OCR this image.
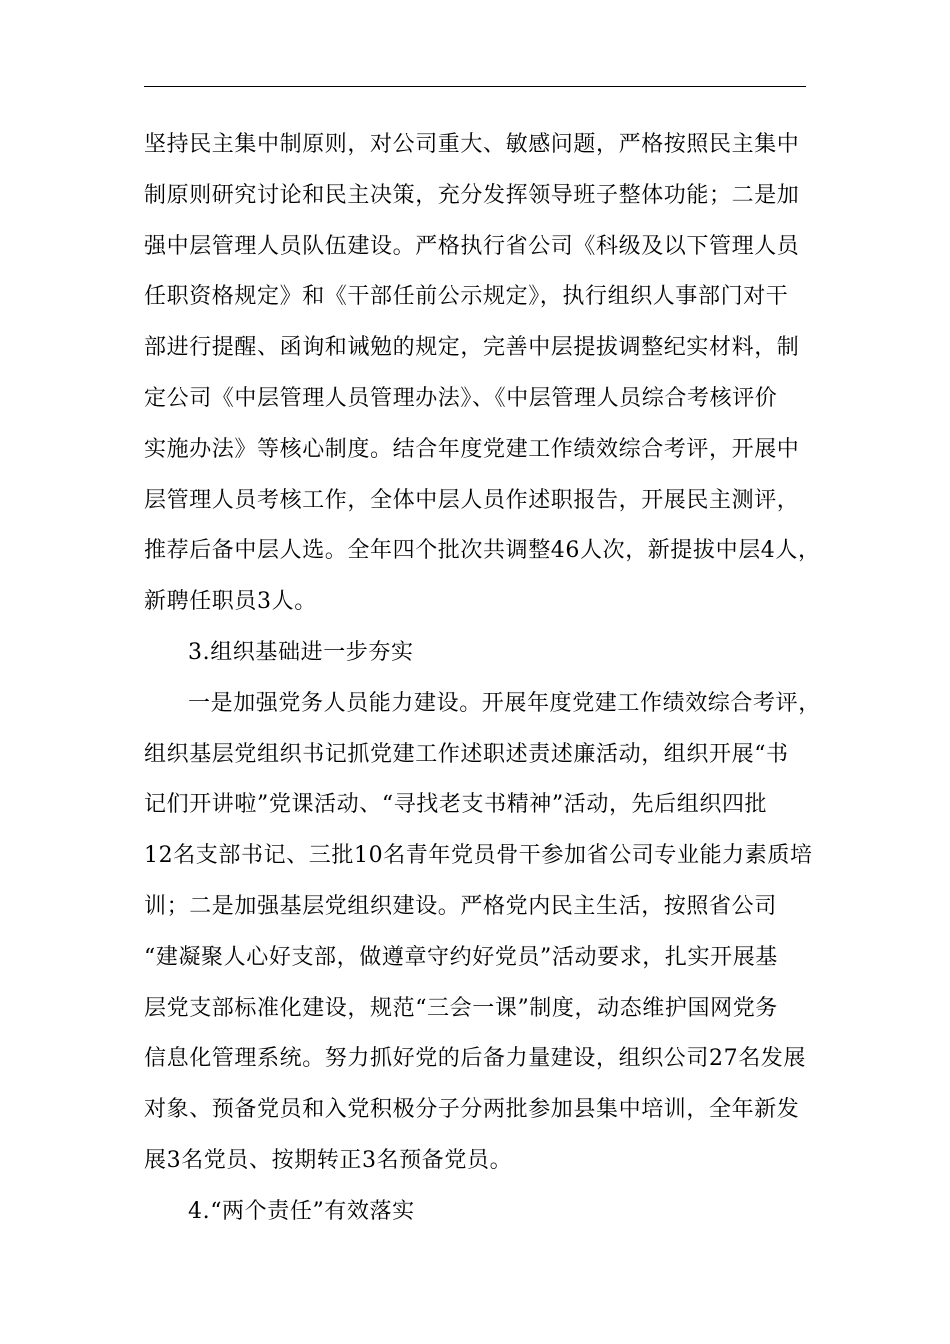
坚持民主集中制原则，对公司重大、敏感问题，严格按照民主集中
制原则研究讨论和民主决策，充分发挥领导班子整体功能；二是加
强中层管理人员队伍建设。严格执行省公司《科级及以下管理人员
任职资格规定》和《干部任前公示规定》，执行组织人事部门对干
部进行提醒、函询和诫勉的规定，完善中层提拔调整纪实材料，制
定公司《中层管理人员管理办法》、《中层管理人员综合考核评价
实施办法》等核心制度。结合年度党建工作绩效综合考评，开展中
层管理人员考核工作，全体中层人员作述职报告，开展民主测评，
推荐后备中层人选。全年四个批次共调整46人次，新提拔中层4人，
新聘任职员3人。
3.组织基础进一步夯实
一是加强党务人员能力建设。开展年度党建工作绩效综合考评，
组织基层党组织书记抓党建工作述职述责述廉活动，组织开展“书
记们开讲啦”党课活动、“寻找老支书精神”活动，先后组织四批
12名支部书记、三批10名青年党员骨干参加省公司专业能力素质培
训；二是加强基层党组织建设。严格党内民主生活，按照省公司
“建凝聚人心好支部，做遵章守约好党员”活动要求，扎实开展基
层党支部标准化建设，规范“三会一课”制度，动态维护国网党务
信息化管理系统。努力抓好党的后备力量建设，组织公司27名发展
对象、预备党员和入党积极分子分两批参加县集中培训，全年新发
展3名党员、按期转正3名预备党员。
4.“两个责任”有效落实
